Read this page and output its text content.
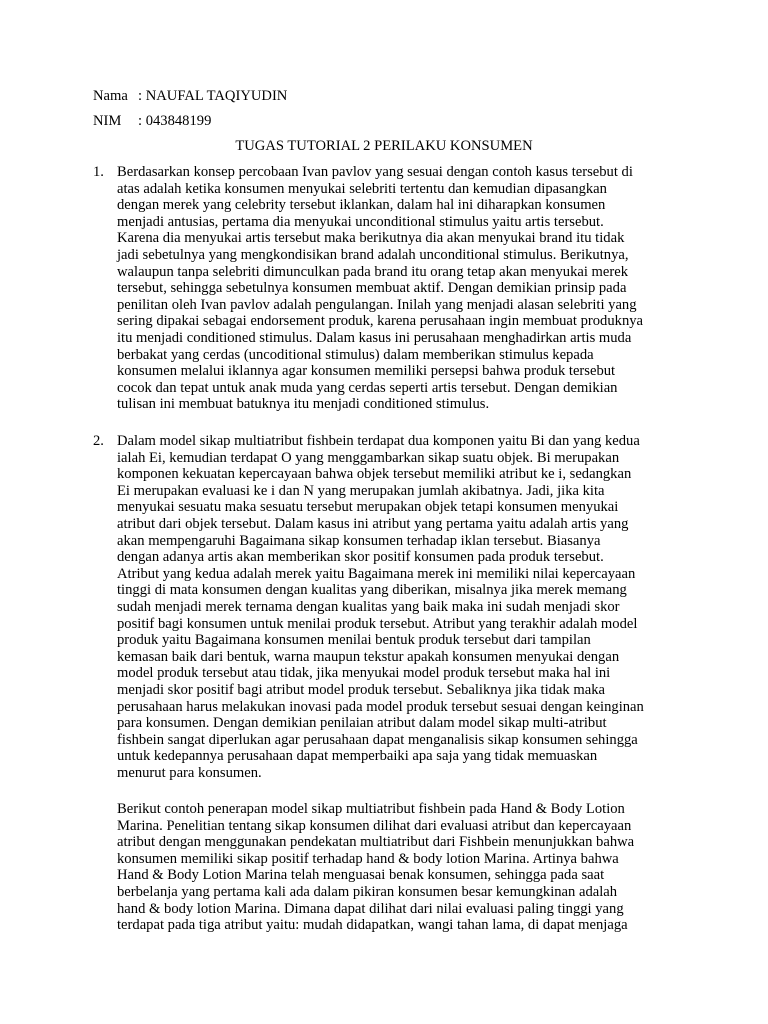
Nama : NAUFAL TAQIYUDIN
NIM : 043848199
TUGAS TUTORIAL 2 PERILAKU KONSUMEN
1. Berdasarkan konsep percobaan Ivan pavlov yang sesuai dengan contoh kasus tersebut di
atas adalah ketika konsumen menyukai selebriti tertentu dan kemudian dipasangkan
dengan merek yang celebrity tersebut iklankan, dalam hal ini diharapkan konsumen
menjadi antusias, pertama dia menyukai unconditional stimulus yaitu artis tersebut.
Karena dia menyukai artis tersebut maka berikutnya dia akan menyukai brand itu tidak
jadi sebetulnya yang mengkondisikan brand adalah unconditional stimulus. Berikutnya,
walaupun tanpa selebriti dimunculkan pada brand itu orang tetap akan menyukai merek
tersebut, sehingga sebetulnya konsumen membuat aktif. Dengan demikian prinsip pada
penilitan oleh Ivan pavlov adalah pengulangan. Inilah yang menjadi alasan selebriti yang
sering dipakai sebagai endorsement produk, karena perusahaan ingin membuat produknya
itu menjadi conditioned stimulus. Dalam kasus ini perusahaan menghadirkan artis muda
berbakat yang cerdas (uncoditional stimulus) dalam memberikan stimulus kepada
konsumen melalui iklannya agar konsumen memiliki persepsi bahwa produk tersebut
cocok dan tepat untuk anak muda yang cerdas seperti artis tersebut. Dengan demikian
tulisan ini membuat batuknya itu menjadi conditioned stimulus.

2. Dalam model sikap multiatribut fishbein terdapat dua komponen yaitu Bi dan yang kedua
ialah Ei, kemudian terdapat O yang menggambarkan sikap suatu objek. Bi merupakan
komponen kekuatan kepercayaan bahwa objek tersebut memiliki atribut ke i, sedangkan
Ei merupakan evaluasi ke i dan N yang merupakan jumlah akibatnya. Jadi, jika kita
menyukai sesuatu maka sesuatu tersebut merupakan objek tetapi konsumen menyukai
atribut dari objek tersebut. Dalam kasus ini atribut yang pertama yaitu adalah artis yang
akan mempengaruhi Bagaimana sikap konsumen terhadap iklan tersebut. Biasanya
dengan adanya artis akan memberikan skor positif konsumen pada produk tersebut.
Atribut yang kedua adalah merek yaitu Bagaimana merek ini memiliki nilai kepercayaan
tinggi di mata konsumen dengan kualitas yang diberikan, misalnya jika merek memang
sudah menjadi merek ternama dengan kualitas yang baik maka ini sudah menjadi skor
positif bagi konsumen untuk menilai produk tersebut. Atribut yang terakhir adalah model
produk yaitu Bagaimana konsumen menilai bentuk produk tersebut dari tampilan
kemasan baik dari bentuk, warna maupun tekstur apakah konsumen menyukai dengan
model produk tersebut atau tidak, jika menyukai model produk tersebut maka hal ini
menjadi skor positif bagi atribut model produk tersebut. Sebaliknya jika tidak maka
perusahaan harus melakukan inovasi pada model produk tersebut sesuai dengan keinginan
para konsumen. Dengan demikian penilaian atribut dalam model sikap multi-atribut
fishbein sangat diperlukan agar perusahaan dapat menganalisis sikap konsumen sehingga
untuk kedepannya perusahaan dapat memperbaiki apa saja yang tidak memuaskan
menurut para konsumen.

Berikut contoh penerapan model sikap multiatribut fishbein pada Hand & Body Lotion
Marina. Penelitian tentang sikap konsumen dilihat dari evaluasi atribut dan kepercayaan
atribut dengan menggunakan pendekatan multiatribut dari Fishbein menunjukkan bahwa
konsumen memiliki sikap positif terhadap hand & body lotion Marina. Artinya bahwa
Hand & Body Lotion Marina telah menguasai benak konsumen, sehingga pada saat
berbelanja yang pertama kali ada dalam pikiran konsumen besar kemungkinan adalah
hand & body lotion Marina. Dimana dapat dilihat dari nilai evaluasi paling tinggi yang
terdapat pada tiga atribut yaitu: mudah didapatkan, wangi tahan lama, di dapat menjaga
